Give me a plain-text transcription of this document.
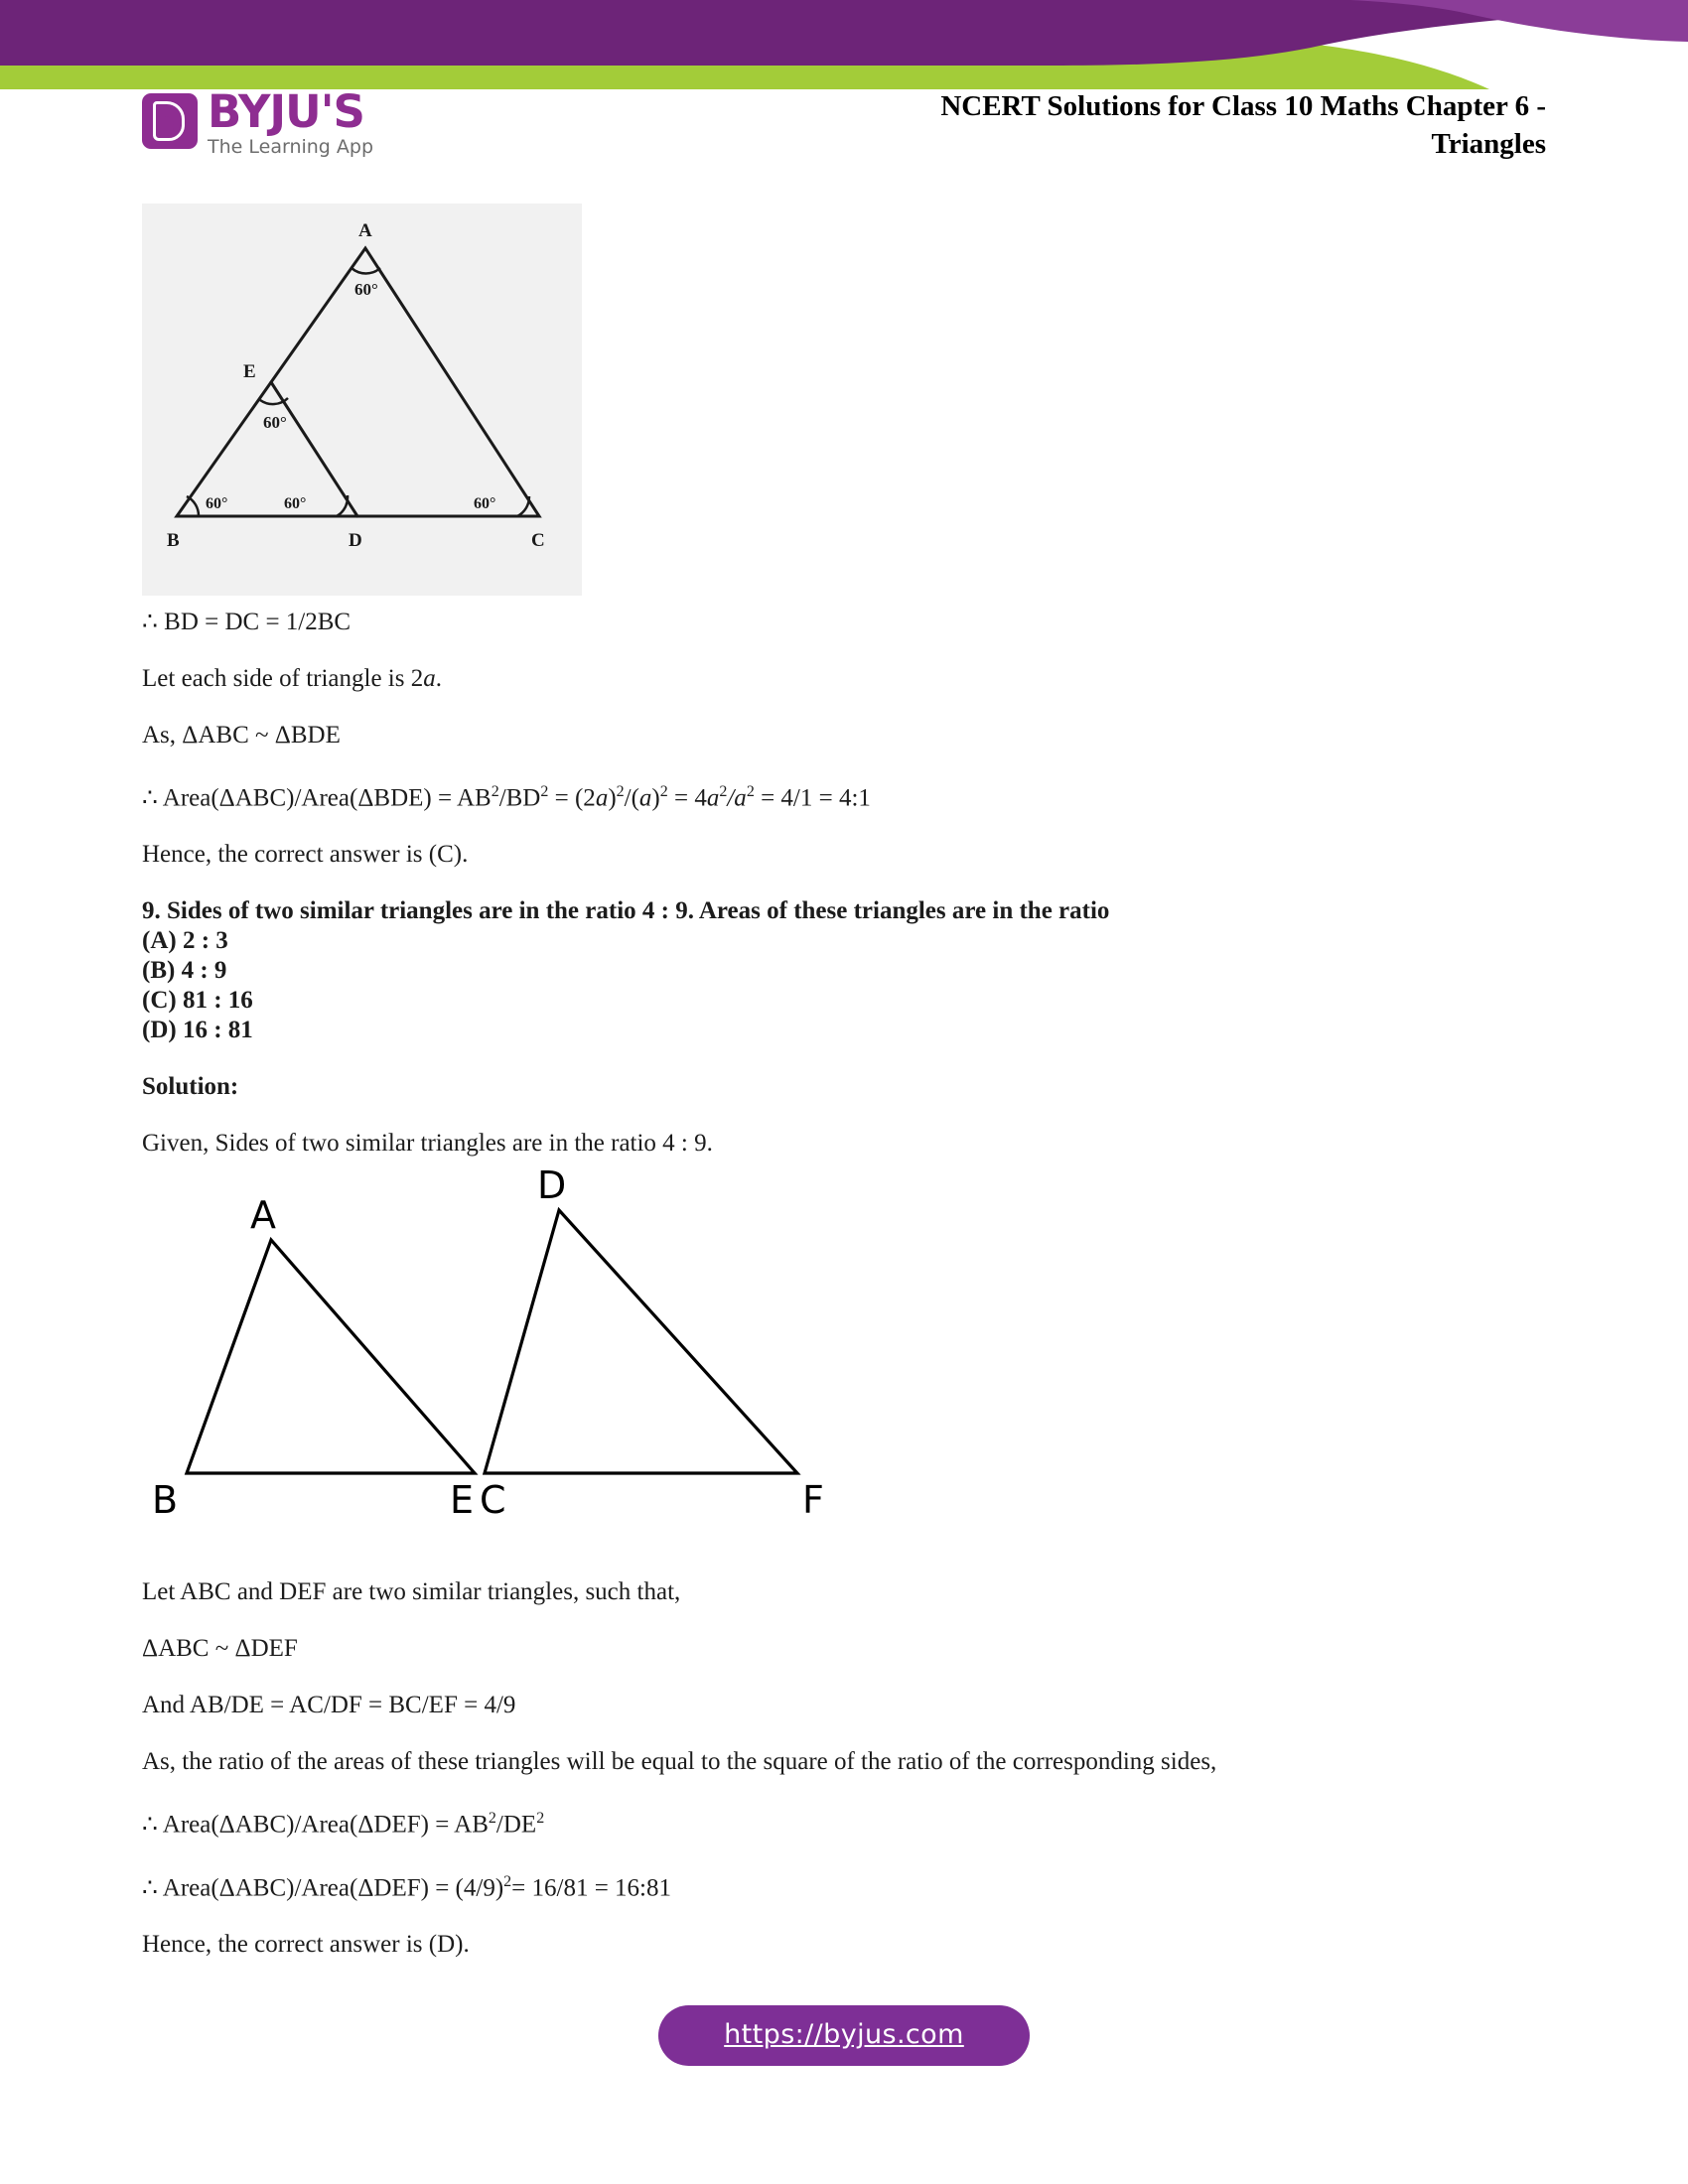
BYJU'S
The Learning App
NCERT Solutions for Class 10 Maths Chapter 6 -
Triangles
A
E
B	D	C
60°
60°
60°	60°	60°

∴ BD = DC = 1/2BC

Let each side of triangle is 2a.

As, ΔABC ~ ΔBDE

∴ Area(ΔABC)/Area(ΔBDE) = $AB^2/BD^2 = (2a)^2/(a)^2 = 4a^2/a^2 = 4/1$ = 4:1

Hence, the correct answer is (C).

9. Sides of two similar triangles are in the ratio 4 : 9. Areas of these triangles are in the ratio

(A) 2 : 3

(B) 4 : 9

(C) 81 : 16

(D) 16 : 81

Solution:

Given, Sides of two similar triangles are in the ratio 4 : 9.

A
B	C
D
E	F

Let ABC and DEF are two similar triangles, such that,

ΔABC ~ ΔDEF

And AB/DE = AC/DF = BC/EF = 4/9

As, the ratio of the areas of these triangles will be equal to the square of the ratio of the corresponding sides,

∴ Area(ΔABC)/Area(ΔDEF) = $AB^2/DE^2$

∴ Area(ΔABC)/Area(ΔDEF) = $(4/9)^2= 16/81$ = 16:81

Hence, the correct answer is (D).

https://byjus.com
